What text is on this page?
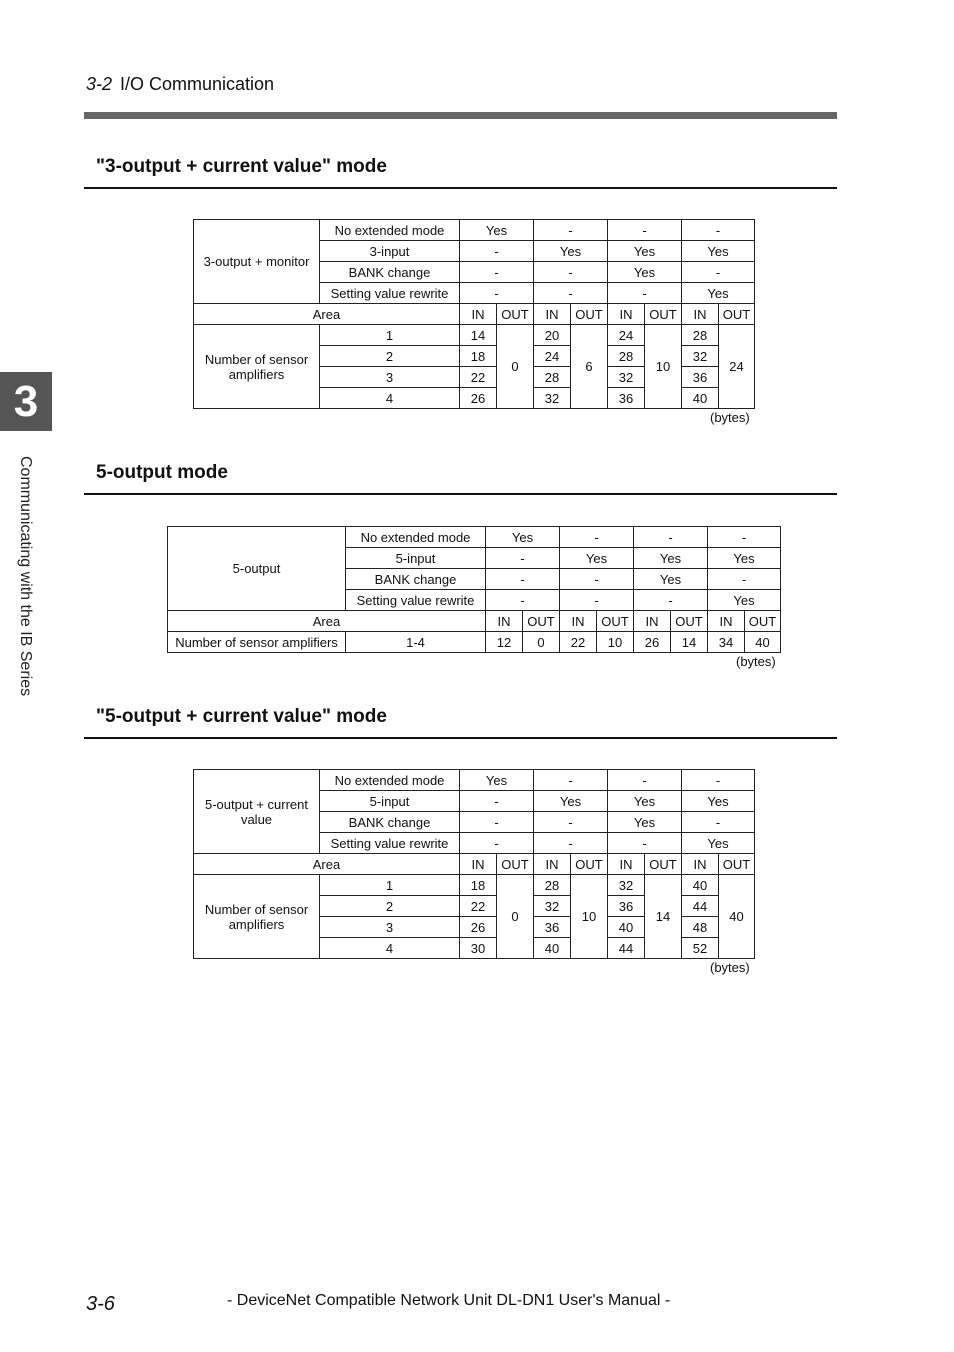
3-2 I/O Communication
3
Communicating with the IB Series
"3-output + current value" mode
3-output + monitor	No extended mode	Yes		-		-		-	
	3-input	-		Yes		Yes		Yes	
	BANK change	-		-		Yes		-	
	Setting value rewrite	-		-		-		Yes	
Area		IN	OUT	IN	OUT	IN	OUT	IN	OUT
Number of sensor amplifiers	1	14	0	20	6	24	10	28	24
	2	18		24		28		32	
	3	22		28		32		36	
	4	26		32		36		40	
(bytes)
5-output mode
5-output	No extended mode	Yes		-		-		-	
	5-input	-		Yes		Yes		Yes	
	BANK change	-		-		Yes		-	
	Setting value rewrite	-		-		-		Yes	
Area		IN	OUT	IN	OUT	IN	OUT	IN	OUT
Number of sensor amplifiers	1-4	12	0	22	10	26	14	34	40
(bytes)
"5-output + current value" mode
5-output + current value	No extended mode	Yes		-		-		-	
	5-input	-		Yes		Yes		Yes	
	BANK change	-		-		Yes		-	
	Setting value rewrite	-		-		-		Yes	
Area		IN	OUT	IN	OUT	IN	OUT	IN	OUT
Number of sensor amplifiers	1	18	0	28	10	32	14	40	40
	2	22		32		36		44	
	3	26		36		40		48	
	4	30		40		44		52	
(bytes)
3-6	- DeviceNet Compatible Network Unit DL-DN1 User's Manual -
